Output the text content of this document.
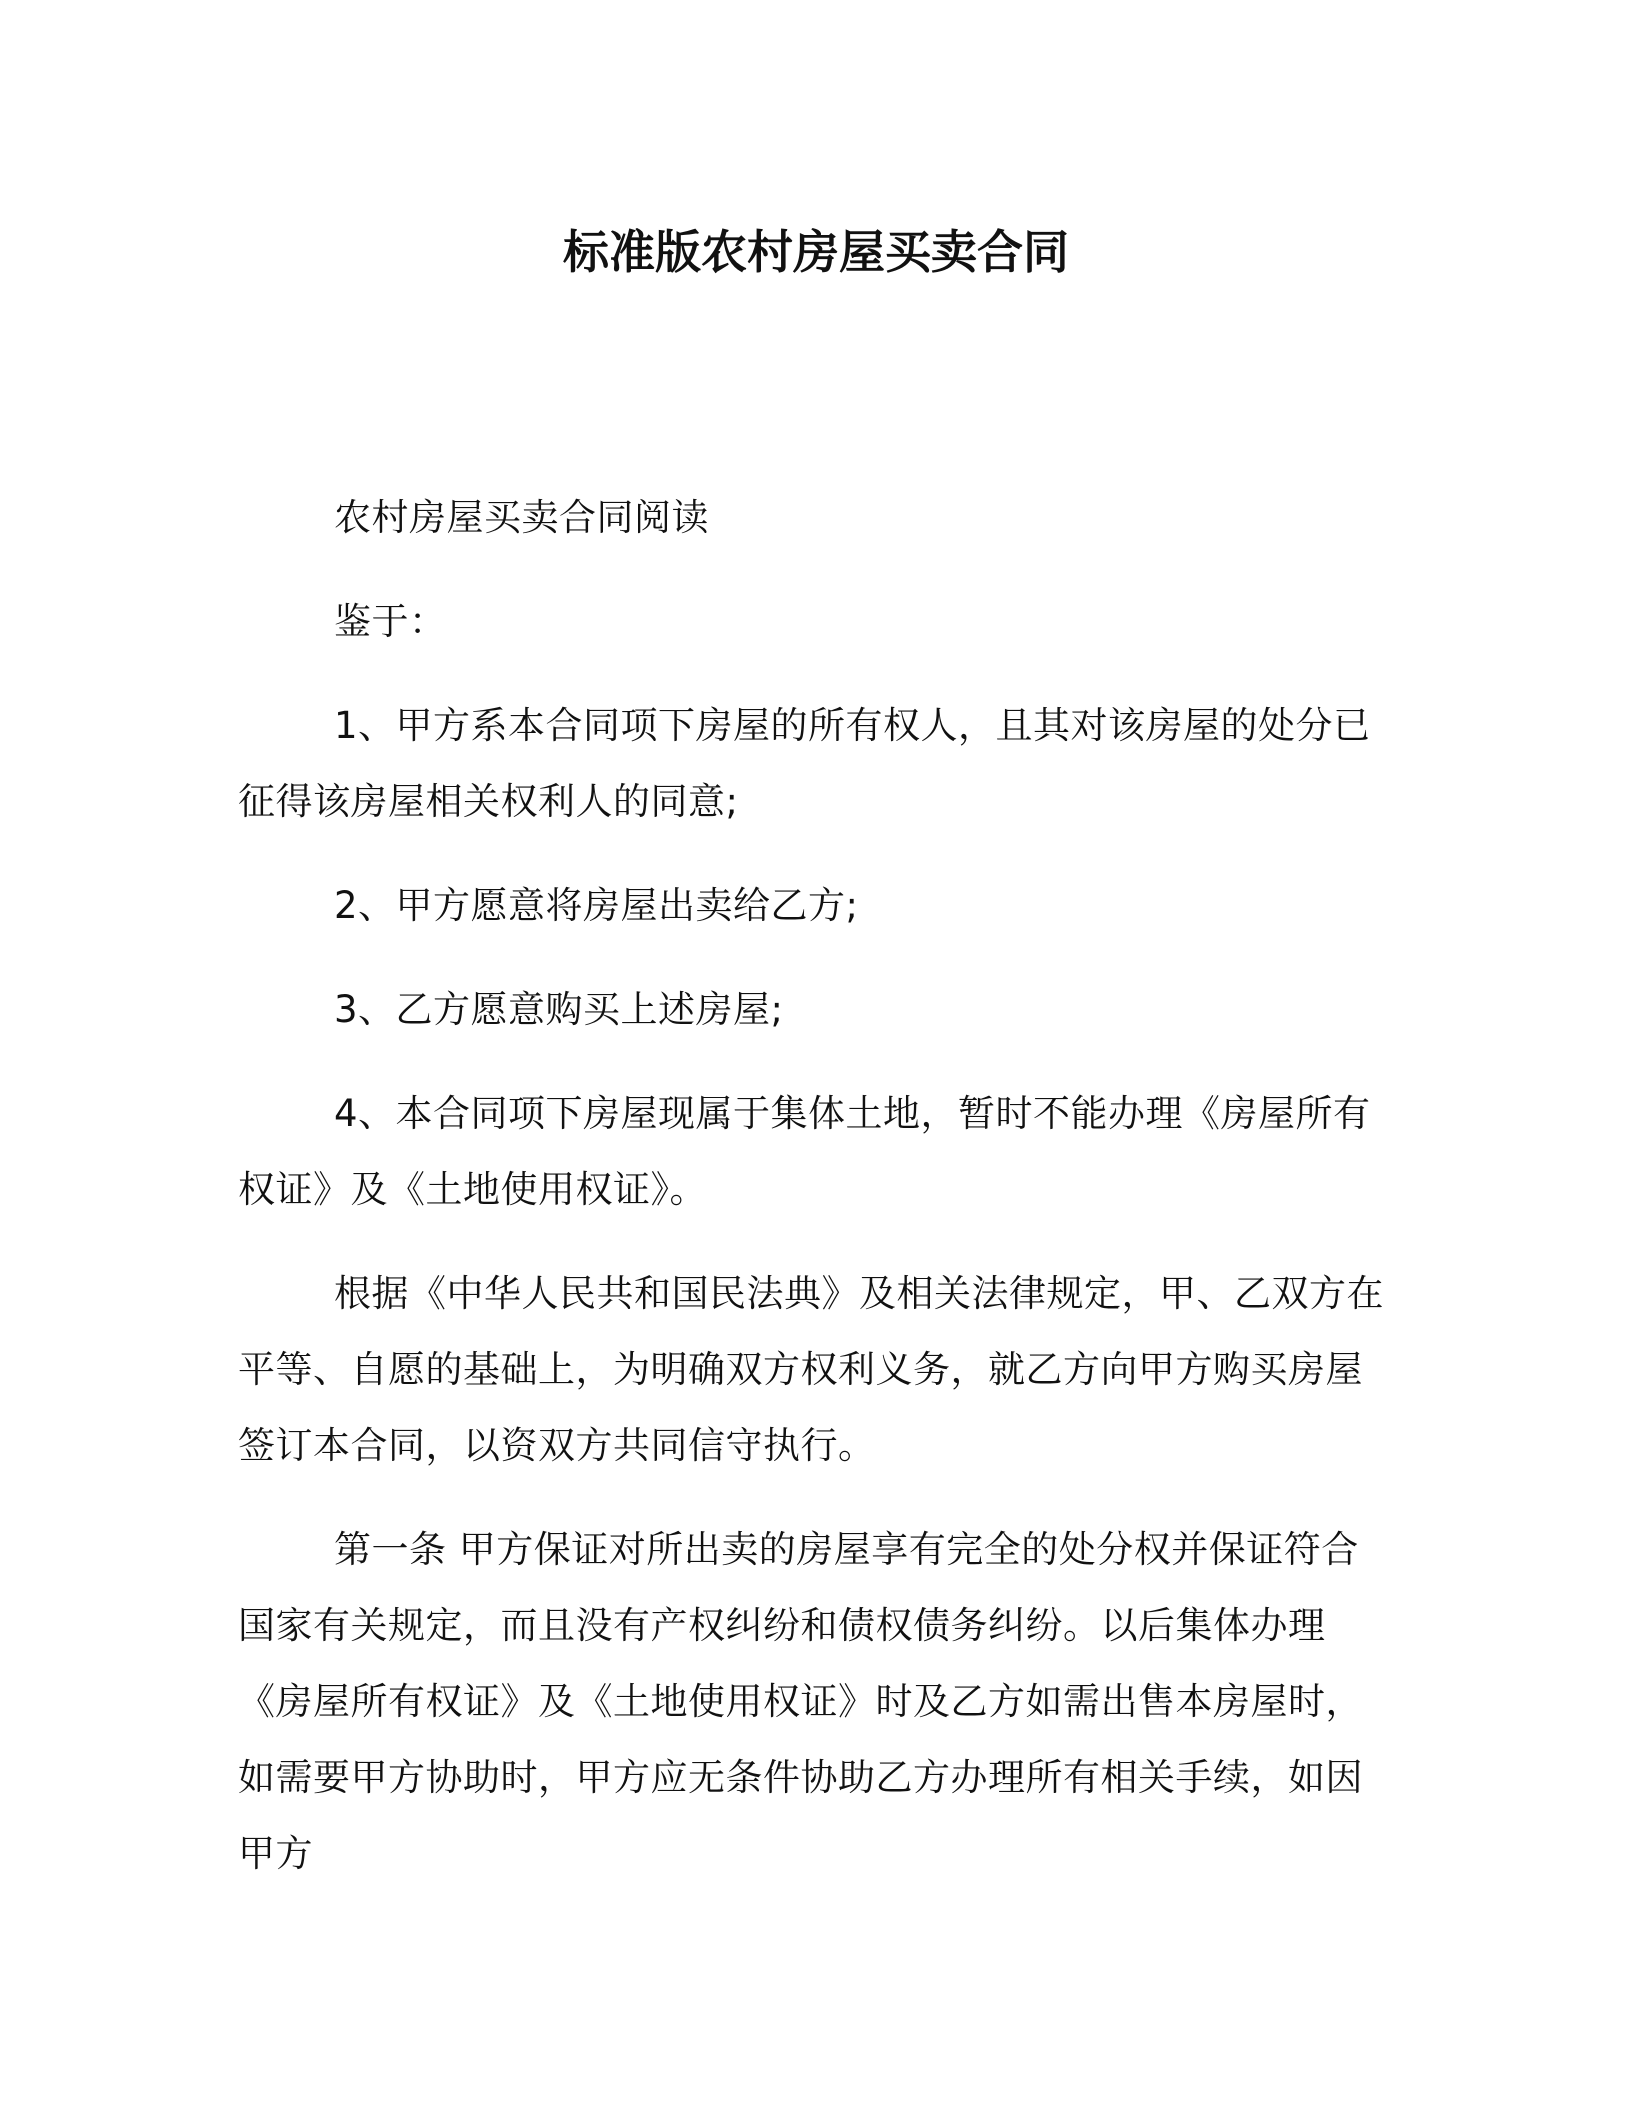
标准版农村房屋买卖合同

农村房屋买卖合同阅读

鉴于：

1、甲方系本合同项下房屋的所有权人，且其对该房屋的处分已征得该房屋相关权利人的同意;

2、甲方愿意将房屋出卖给乙方;

3、乙方愿意购买上述房屋;

4、本合同项下房屋现属于集体土地，暂时不能办理《房屋所有权证》及《土地使用权证》。

根据《中华人民共和国民法典》及相关法律规定，甲、乙双方在平等、自愿的基础上，为明确双方权利义务，就乙方向甲方购买房屋签订本合同，以资双方共同信守执行。

第一条 甲方保证对所出卖的房屋享有完全的处分权并保证符合国家有关规定，而且没有产权纠纷和债权债务纠纷。以后集体办理《房屋所有权证》及《土地使用权证》时及乙方如需出售本房屋时，如需要甲方协助时，甲方应无条件协助乙方办理所有相关手续，如因甲方
